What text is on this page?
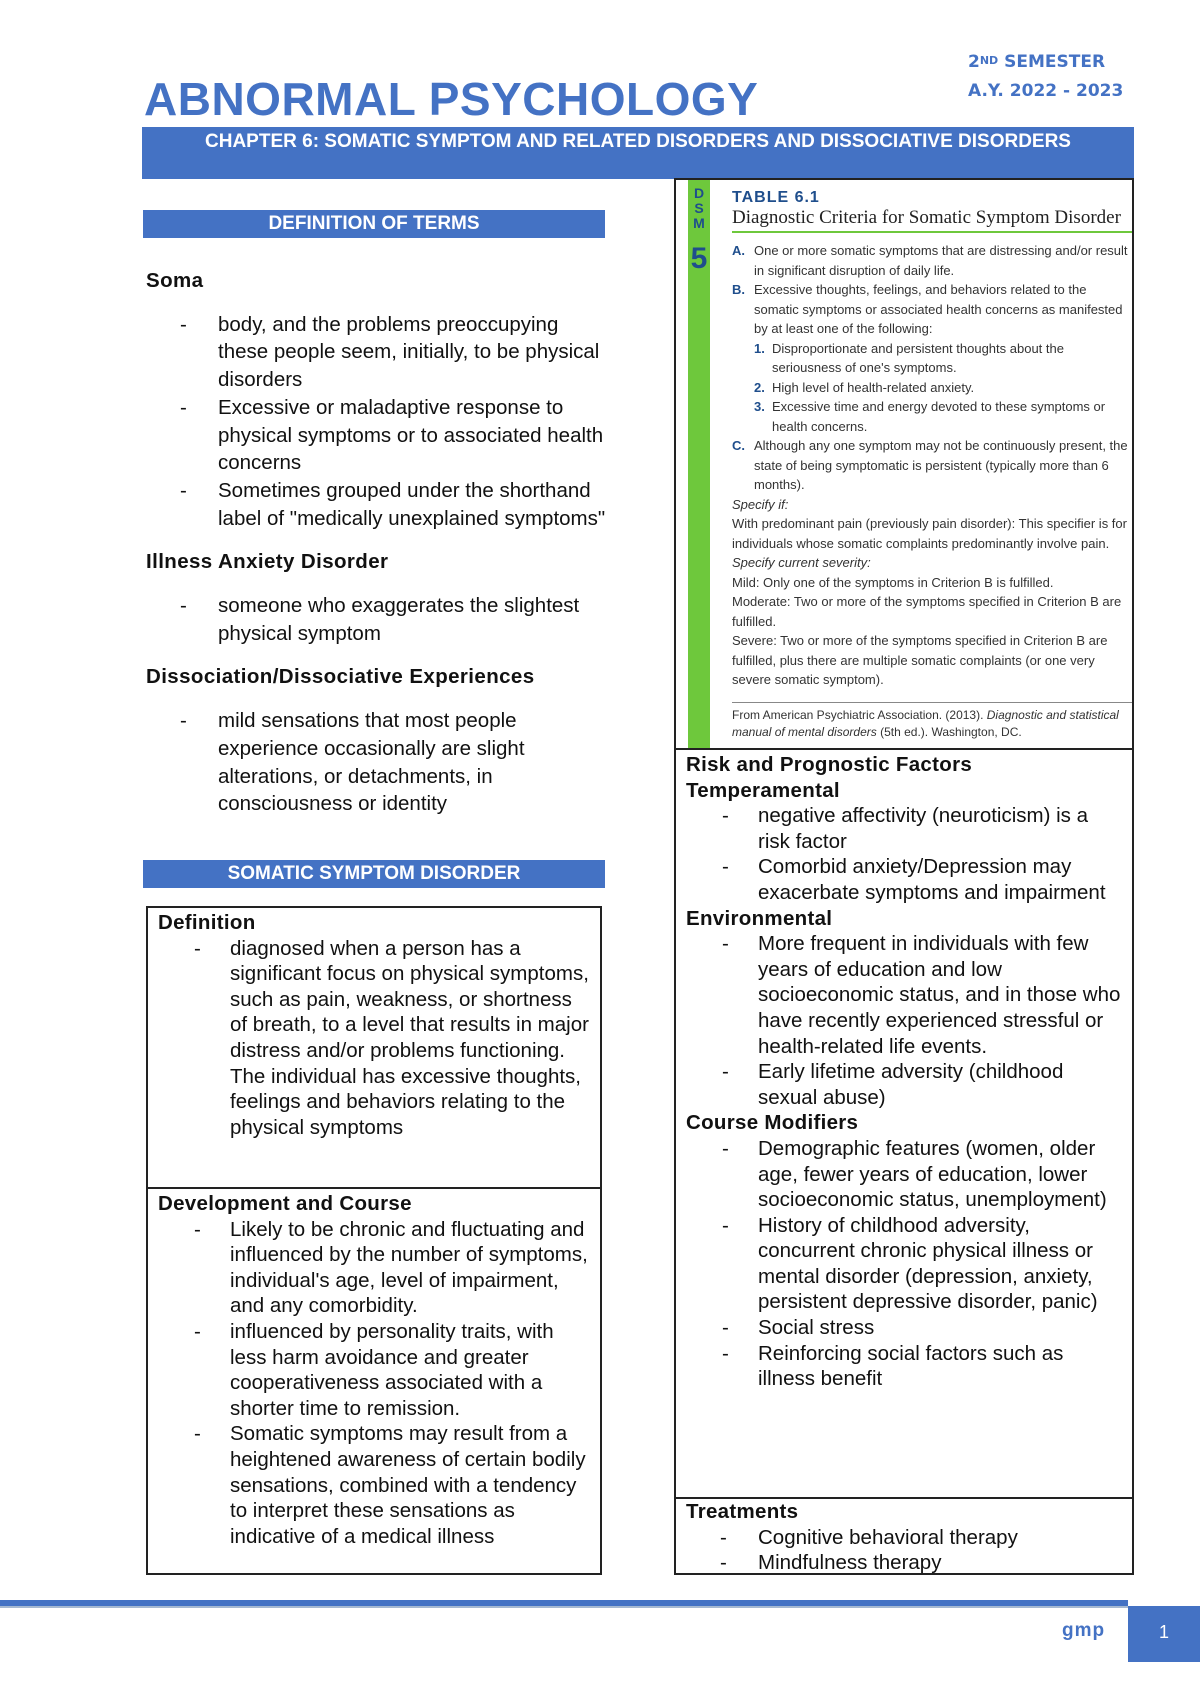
ABNORMAL PSYCHOLOGY
2ND SEMESTER
A.Y. 2022 - 2023
CHAPTER 6: SOMATIC SYMPTOM AND RELATED DISORDERS AND DISSOCIATIVE DISORDERS
DEFINITION OF TERMS
Soma
- body, and the problems preoccupying these people seem, initially, to be physical disorders
- Excessive or maladaptive response to physical symptoms or to associated health concerns
- Sometimes grouped under the shorthand label of "medically unexplained symptoms"
Illness Anxiety Disorder
- someone who exaggerates the slightest physical symptom
Dissociation/Dissociative Experiences
- mild sensations that most people experience occasionally are slight alterations, or detachments, in consciousness or identity
SOMATIC SYMPTOM DISORDER
Definition
- diagnosed when a person has a significant focus on physical symptoms, such as pain, weakness, or shortness of breath, to a level that results in major distress and/or problems functioning. The individual has excessive thoughts, feelings and behaviors relating to the physical symptoms
Development and Course
- Likely to be chronic and fluctuating and influenced by the number of symptoms, individual's age, level of impairment, and any comorbidity.
- influenced by personality traits, with less harm avoidance and greater cooperativeness associated with a shorter time to remission.
- Somatic symptoms may result from a heightened awareness of certain bodily sensations, combined with a tendency to interpret these sensations as indicative of a medical illness
D
S
M
5
TABLE 6.1
Diagnostic Criteria for Somatic Symptom Disorder
A. One or more somatic symptoms that are distressing and/or result in significant disruption of daily life.
B. Excessive thoughts, feelings, and behaviors related to the somatic symptoms or associated health concerns as manifested by at least one of the following:
1. Disproportionate and persistent thoughts about the seriousness of one's symptoms.
2. High level of health-related anxiety.
3. Excessive time and energy devoted to these symptoms or health concerns.
C. Although any one symptom may not be continuously present, the state of being symptomatic is persistent (typically more than 6 months).
Specify if:
With predominant pain (previously pain disorder): This specifier is for individuals whose somatic complaints predominantly involve pain.
Specify current severity:
Mild: Only one of the symptoms in Criterion B is fulfilled.
Moderate: Two or more of the symptoms specified in Criterion B are fulfilled.
Severe: Two or more of the symptoms specified in Criterion B are fulfilled, plus there are multiple somatic complaints (or one very severe somatic symptom).
From American Psychiatric Association. (2013). Diagnostic and statistical manual of mental disorders (5th ed.). Washington, DC.
Risk and Prognostic Factors
Temperamental
- negative affectivity (neuroticism) is a risk factor
- Comorbid anxiety/Depression may exacerbate symptoms and impairment
Environmental
- More frequent in individuals with few years of education and low socioeconomic status, and in those who have recently experienced stressful or health-related life events.
- Early lifetime adversity (childhood sexual abuse)
Course Modifiers
- Demographic features (women, older age, fewer years of education, lower socioeconomic status, unemployment)
- History of childhood adversity, concurrent chronic physical illness or mental disorder (depression, anxiety, persistent depressive disorder, panic)
- Social stress
- Reinforcing social factors such as illness benefit
Treatments
- Cognitive behavioral therapy
- Mindfulness therapy
gmp	1
